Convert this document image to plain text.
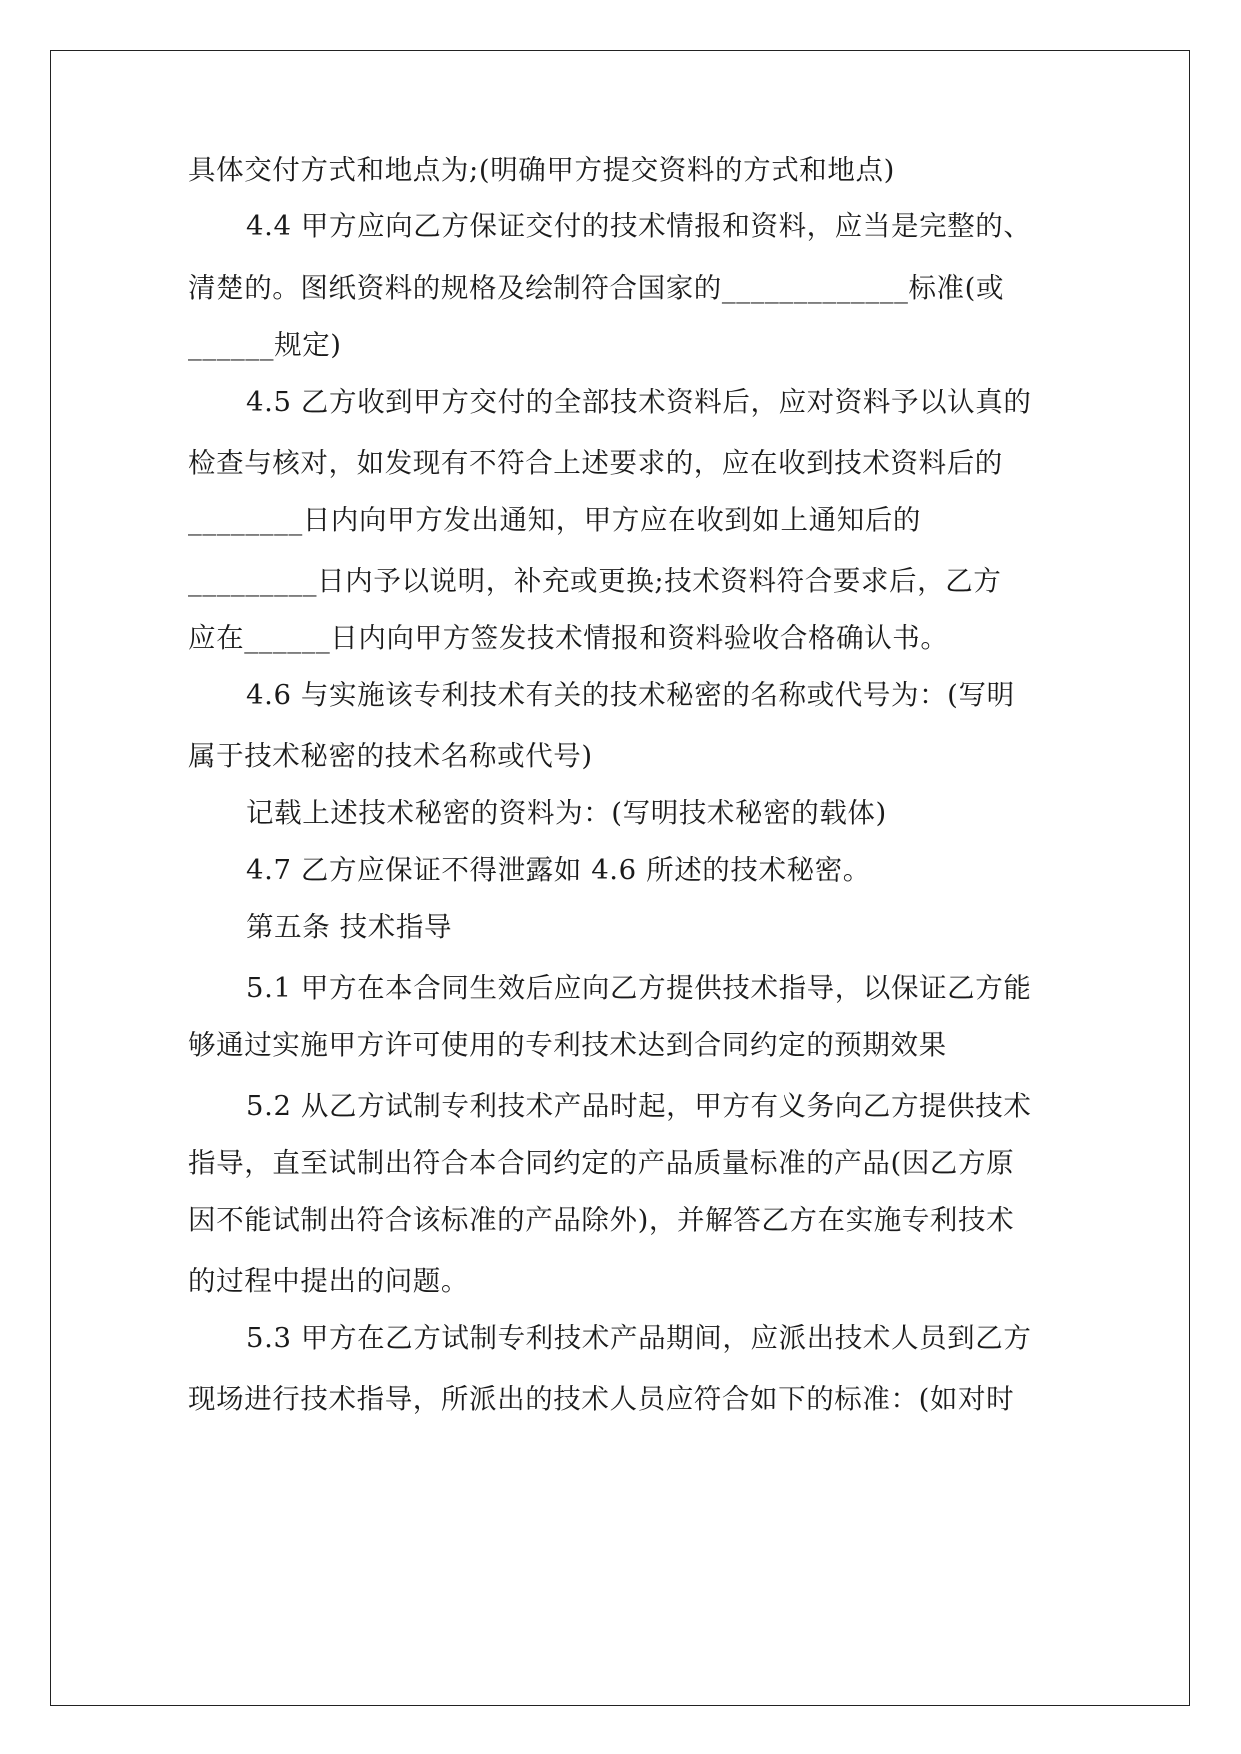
具体交付方式和地点为;(明确甲方提交资料的方式和地点)
4.4 甲方应向乙方保证交付的技术情报和资料，应当是完整的、
清楚的。图纸资料的规格及绘制符合国家的_____________标准(或
______规定)
4.5 乙方收到甲方交付的全部技术资料后，应对资料予以认真的
检查与核对，如发现有不符合上述要求的，应在收到技术资料后的
________日内向甲方发出通知，甲方应在收到如上通知后的
_________日内予以说明，补充或更换;技术资料符合要求后，乙方
应在______日内向甲方签发技术情报和资料验收合格确认书。
4.6 与实施该专利技术有关的技术秘密的名称或代号为：(写明
属于技术秘密的技术名称或代号)
记载上述技术秘密的资料为：(写明技术秘密的载体)
4.7 乙方应保证不得泄露如 4.6 所述的技术秘密。
第五条 技术指导
5.1 甲方在本合同生效后应向乙方提供技术指导，以保证乙方能
够通过实施甲方许可使用的专利技术达到合同约定的预期效果
5.2 从乙方试制专利技术产品时起，甲方有义务向乙方提供技术
指导，直至试制出符合本合同约定的产品质量标准的产品(因乙方原
因不能试制出符合该标准的产品除外)，并解答乙方在实施专利技术
的过程中提出的问题。
5.3 甲方在乙方试制专利技术产品期间，应派出技术人员到乙方
现场进行技术指导，所派出的技术人员应符合如下的标准：(如对时
